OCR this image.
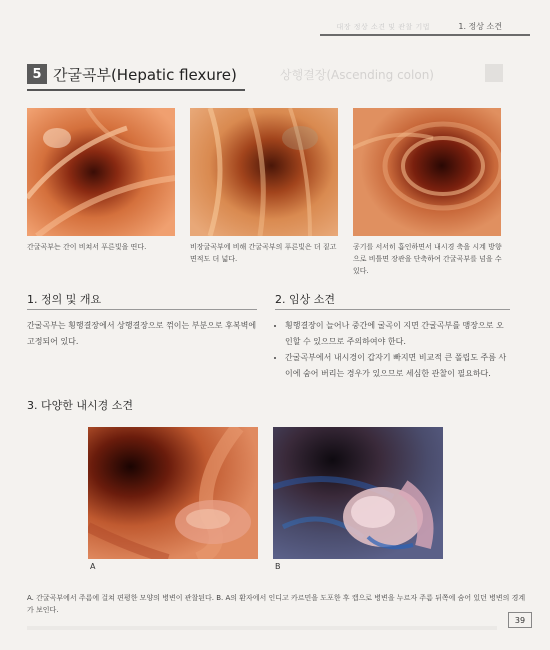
대장 정상 소견 및 관찰 기법	1. 정상 소견
상행결장(Ascending colon)
5 간굴곡부(Hepatic flexure)
간굴곡부는 간이 비쳐서 푸른빛을 띤다.	비장굴곡부에 비해 간굴곡부의 푸른빛은 더 짙고 면적도 더 넓다.
공기를 서서히 흡인하면서 내시경 축을 시계 방향으로 비틀면 장관을 단축하여 간굴곡부를 넘을 수 있다.
1. 정의 및 개요
간굴곡부는 횡행결장에서 상행결장으로 꺾이는 부분으로 후복벽에 고정되어 있다.
2. 임상 소견
• 횡행결장이 늘어나 중간에 굴곡이 지면 간굴곡부를 맹장으로 오인할 수 있으므로 주의하여야 한다.
• 간굴곡부에서 내시경이 갑자기 빠지면 비교적 큰 폴립도 주름 사이에 숨어 버리는 경우가 있으므로 세심한 관찰이 필요하다.
3. 다양한 내시경 소견
A	B
A. 간굴곡부에서 주름에 걸쳐 편평한 모양의 병변이 관찰된다. B. A의 환자에서 인디고 카르민을 도포한 후 캡으로 병변을 누르자 주름 뒤쪽에 숨어 있던 병변의 경계가 보인다.
39
